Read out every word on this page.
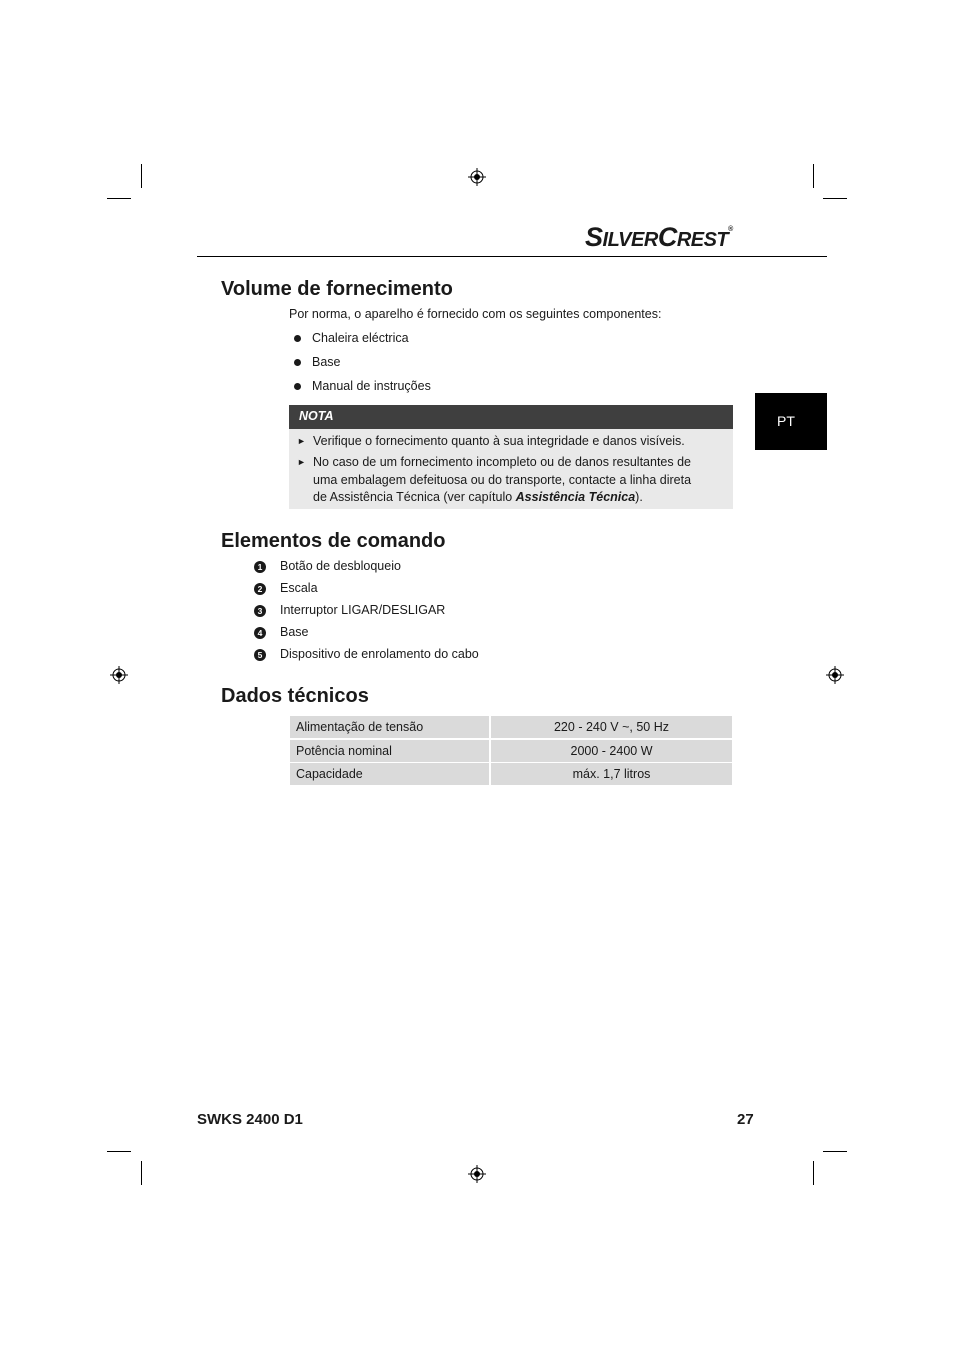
SILVERCREST®
PT
Volume de fornecimento
Por norma, o aparelho é fornecido com os seguintes componentes:
Chaleira eléctrica
Base
Manual de instruções
NOTA
► Verifique o fornecimento quanto à sua integridade e danos visíveis.
► No caso de um fornecimento incompleto ou de danos resultantes de
uma embalagem defeituosa ou do transporte, contacte a linha direta
de Assistência Técnica (ver capítulo Assistência Técnica).
Elementos de comando
1 Botão de desbloqueio
2 Escala
3 Interruptor LIGAR/DESLIGAR
4 Base
5 Dispositivo de enrolamento do cabo
Dados técnicos
Alimentação de tensão	220 - 240 V ~, 50 Hz
Potência nominal	2000 - 2400 W
Capacidade	máx. 1,7 litros
SWKS 2400 D1	27
